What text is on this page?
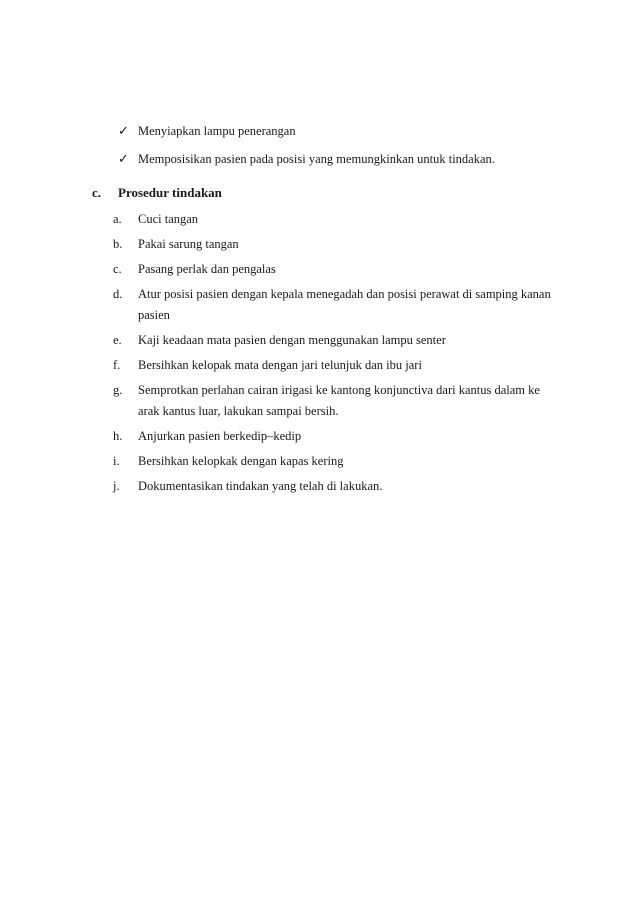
✓ Menyiapkan lampu penerangan
✓ Memposisikan pasien pada posisi yang memungkinkan untuk tindakan.
c. Prosedur tindakan
a.	Cuci tangan
b.	Pakai sarung tangan
c.	Pasang perlak dan pengalas
d.	Atur posisi pasien dengan kepala menegadah dan posisi perawat di samping kanan pasien
e.	Kaji keadaan mata pasien dengan menggunakan lampu senter
f.	Bersihkan kelopak mata dengan jari telunjuk dan ibu jari
g.	Semprotkan perlahan cairan irigasi ke kantong konjunctiva dari kantus dalam ke arak kantus luar, lakukan sampai bersih.
h.	Anjurkan pasien berkedip–kedip
i.	Bersihkan kelopkak dengan kapas kering
j.	Dokumentasikan tindakan yang telah di lakukan.
